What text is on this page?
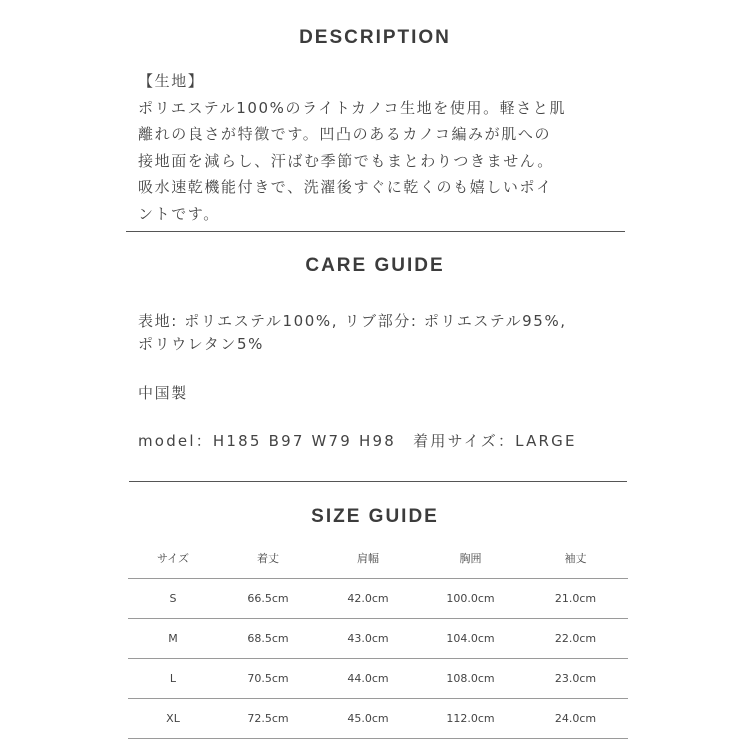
DESCRIPTION
【生地】
ポリエステル100%のライトカノコ生地を使用。軽さと肌
離れの良さが特徴です。凹凸のあるカノコ編みが肌への
接地面を減らし、汗ばむ季節でもまとわりつきません。
吸水速乾機能付きで、洗濯後すぐに乾くのも嬉しいポイ
ントです。
CARE GUIDE
表地: ポリエステル100%, リブ部分: ポリエステル95%,
ポリウレタン5%
中国製
model：H185 B97 W79 H98　着用サイズ：LARGE
SIZE GUIDE
サイズ	着丈	肩幅	胸囲	袖丈
S	66.5cm	42.0cm	100.0cm	21.0cm
M	68.5cm	43.0cm	104.0cm	22.0cm
L	70.5cm	44.0cm	108.0cm	23.0cm
XL	72.5cm	45.0cm	112.0cm	24.0cm
